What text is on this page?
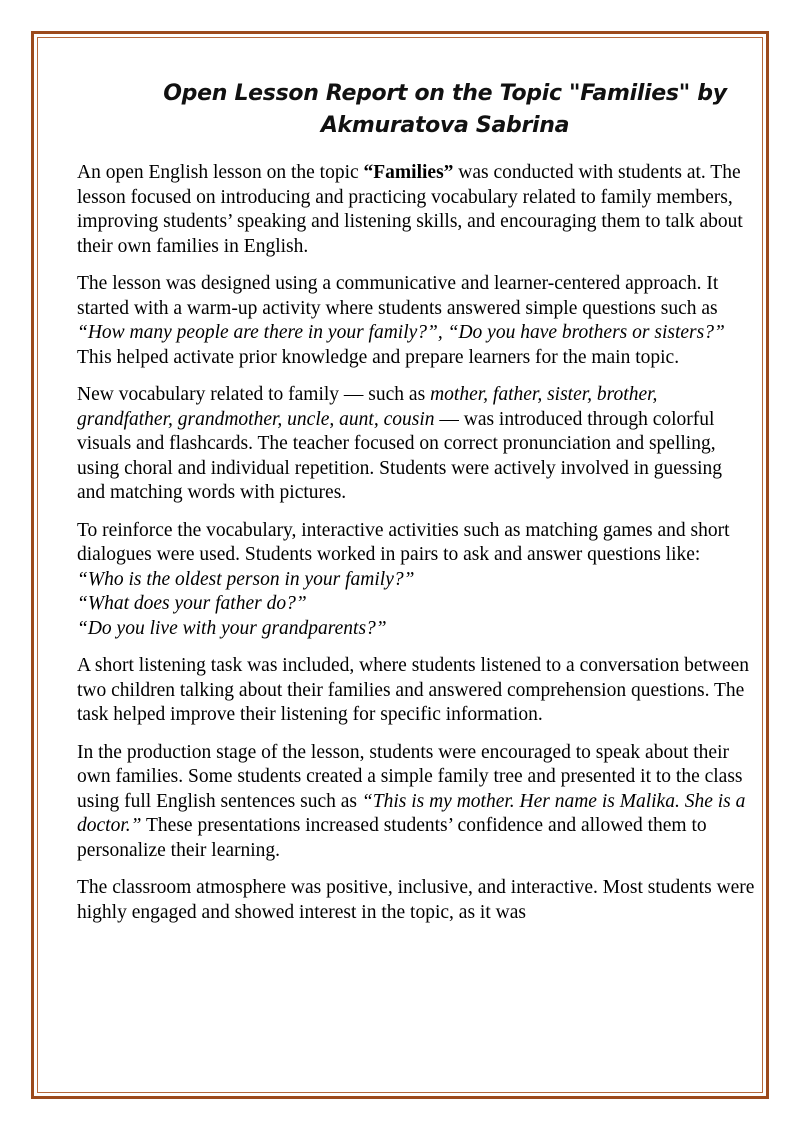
Open Lesson Report on the Topic "Families" by Akmuratova Sabrina

An open English lesson on the topic “Families” was conducted with students at. The lesson focused on introducing and practicing vocabulary related to family members, improving students’ speaking and listening skills, and encouraging them to talk about their own families in English.

The lesson was designed using a communicative and learner-centered approach. It started with a warm-up activity where students answered simple questions such as “How many people are there in your family?”, “Do you have brothers or sisters?” This helped activate prior knowledge and prepare learners for the main topic.

New vocabulary related to family — such as mother, father, sister, brother, grandfather, grandmother, uncle, aunt, cousin — was introduced through colorful visuals and flashcards. The teacher focused on correct pronunciation and spelling, using choral and individual repetition. Students were actively involved in guessing and matching words with pictures.

To reinforce the vocabulary, interactive activities such as matching games and short dialogues were used. Students worked in pairs to ask and answer questions like:
“Who is the oldest person in your family?”
“What does your father do?”
“Do you live with your grandparents?”

A short listening task was included, where students listened to a conversation between two children talking about their families and answered comprehension questions. The task helped improve their listening for specific information.

In the production stage of the lesson, students were encouraged to speak about their own families. Some students created a simple family tree and presented it to the class using full English sentences such as “This is my mother. Her name is Malika. She is a doctor.” These presentations increased students’ confidence and allowed them to personalize their learning.

The classroom atmosphere was positive, inclusive, and interactive. Most students were highly engaged and showed interest in the topic, as it was
